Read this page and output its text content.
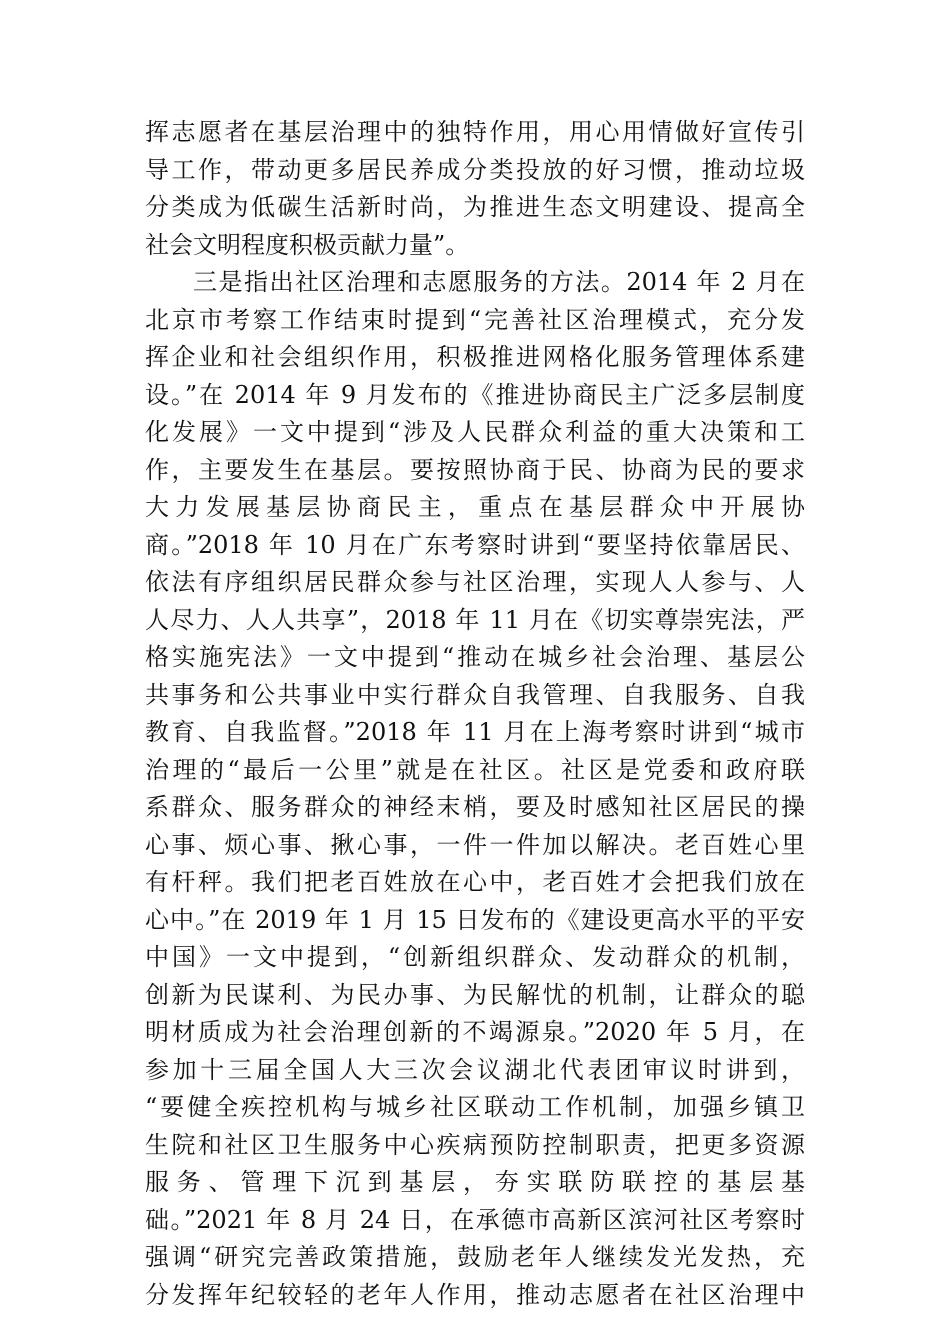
挥志愿者在基层治理中的独特作用，用心用情做好宣传引
导工作，带动更多居民养成分类投放的好习惯，推动垃圾
分类成为低碳生活新时尚，为推进生态文明建设、提高全
社会文明程度积极贡献力量”。
三是指出社区治理和志愿服务的方法。2014 年 2 月在
北京市考察工作结束时提到“完善社区治理模式，充分发
挥企业和社会组织作用，积极推进网格化服务管理体系建
设。”在 2014 年 9 月发布的《推进协商民主广泛多层制度
化发展》一文中提到“涉及人民群众利益的重大决策和工
作，主要发生在基层。要按照协商于民、协商为民的要求
大力发展基层协商民主，重点在基层群众中开展协
商。”2018 年 10 月在广东考察时讲到“要坚持依靠居民、
依法有序组织居民群众参与社区治理，实现人人参与、人
人尽力、人人共享”，2018 年 11 月在《切实尊崇宪法，严
格实施宪法》一文中提到“推动在城乡社会治理、基层公
共事务和公共事业中实行群众自我管理、自我服务、自我
教育、自我监督。”2018 年 11 月在上海考察时讲到“城市
治理的“最后一公里”就是在社区。社区是党委和政府联
系群众、服务群众的神经末梢，要及时感知社区居民的操
心事、烦心事、揪心事，一件一件加以解决。老百姓心里
有杆秤。我们把老百姓放在心中，老百姓才会把我们放在
心中。”在 2019 年 1 月 15 日发布的《建设更高水平的平安
中国》一文中提到，“创新组织群众、发动群众的机制，
创新为民谋利、为民办事、为民解忧的机制，让群众的聪
明材质成为社会治理创新的不竭源泉。”2020 年 5 月，在
参加十三届全国人大三次会议湖北代表团审议时讲到，
“要健全疾控机构与城乡社区联动工作机制，加强乡镇卫
生院和社区卫生服务中心疾病预防控制职责，把更多资源
服务、管理下沉到基层，夯实联防联控的基层基
础。”2021 年 8 月 24 日，在承德市高新区滨河社区考察时
强调“研究完善政策措施，鼓励老年人继续发光发热，充
分发挥年纪较轻的老年人作用，推动志愿者在社区治理中
